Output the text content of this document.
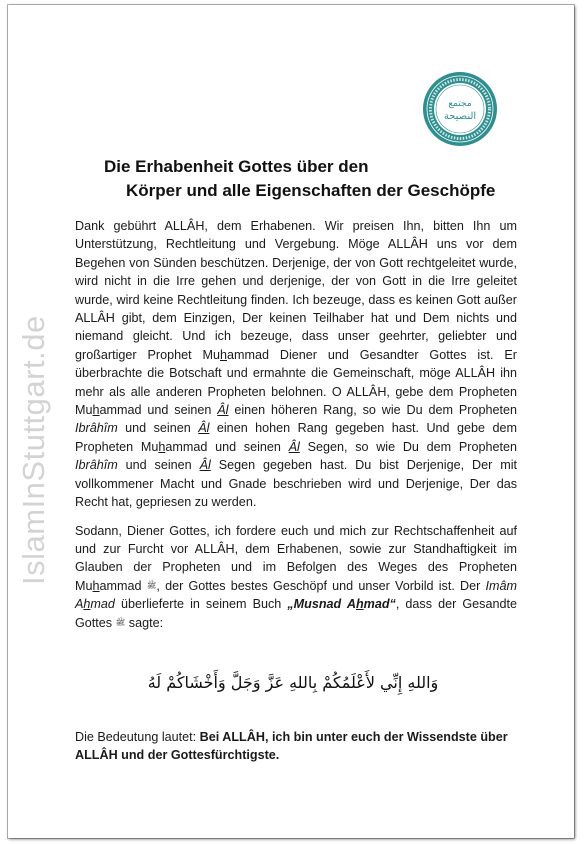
IslamInStuttgart.de
مجتمع
النصيحة
Die Erhabenheit Gottes über den
Körper und alle Eigenschaften der Geschöpfe

Dank gebührt ALLÂH, dem Erhabenen. Wir preisen Ihn, bitten Ihn um Unterstützung, Rechtleitung und Vergebung. Möge ALLÂH uns vor dem Begehen von Sünden beschützen. Derjenige, der von Gott rechtgeleitet wurde, wird nicht in die Irre gehen und derjenige, der von Gott in die Irre geleitet wurde, wird keine Rechtleitung finden. Ich bezeuge, dass es keinen Gott außer ALLÂH gibt, dem Einzigen, Der keinen Teilhaber hat und Dem nichts und niemand gleicht. Und ich bezeuge, dass unser geehrter, geliebter und großartiger Prophet Muhammad Diener und Gesandter Gottes ist. Er überbrachte die Botschaft und ermahnte die Gemeinschaft, möge ALLÂH ihn mehr als alle anderen Propheten belohnen. O ALLÂH, gebe dem Propheten Muhammad und seinen Âl einen höheren Rang, so wie Du dem Propheten Ibrâhîm und seinen Âl einen hohen Rang gegeben hast. Und gebe dem Propheten Muhammad und seinen Âl Segen, so wie Du dem Propheten Ibrâhîm und seinen Âl Segen gegeben hast. Du bist Derjenige, Der mit vollkommener Macht und Gnade beschrieben wird und Derjenige, Der das Recht hat, gepriesen zu werden.

Sodann, Diener Gottes, ich fordere euch und mich zur Rechtschaffenheit auf und zur Furcht vor ALLÂH, dem Erhabenen, sowie zur Standhaftigkeit im Glauben der Propheten und im Befolgen des Weges des Propheten Muhammad ﷺ, der Gottes bestes Geschöpf und unser Vorbild ist. Der Imâm Ahmad überlieferte in seinem Buch „Musnad Ahmad“, dass der Gesandte Gottes ﷺ sagte:

وَاللهِ إِنِّي لأَعْلَمُكُمْ بِاللهِ عَزَّ وَجَلَّ وَأَخْشَاكُمْ لَهُ

Die Bedeutung lautet: Bei ALLÂH, ich bin unter euch der Wissendste über ALLÂH und der Gottesfürchtigste.
